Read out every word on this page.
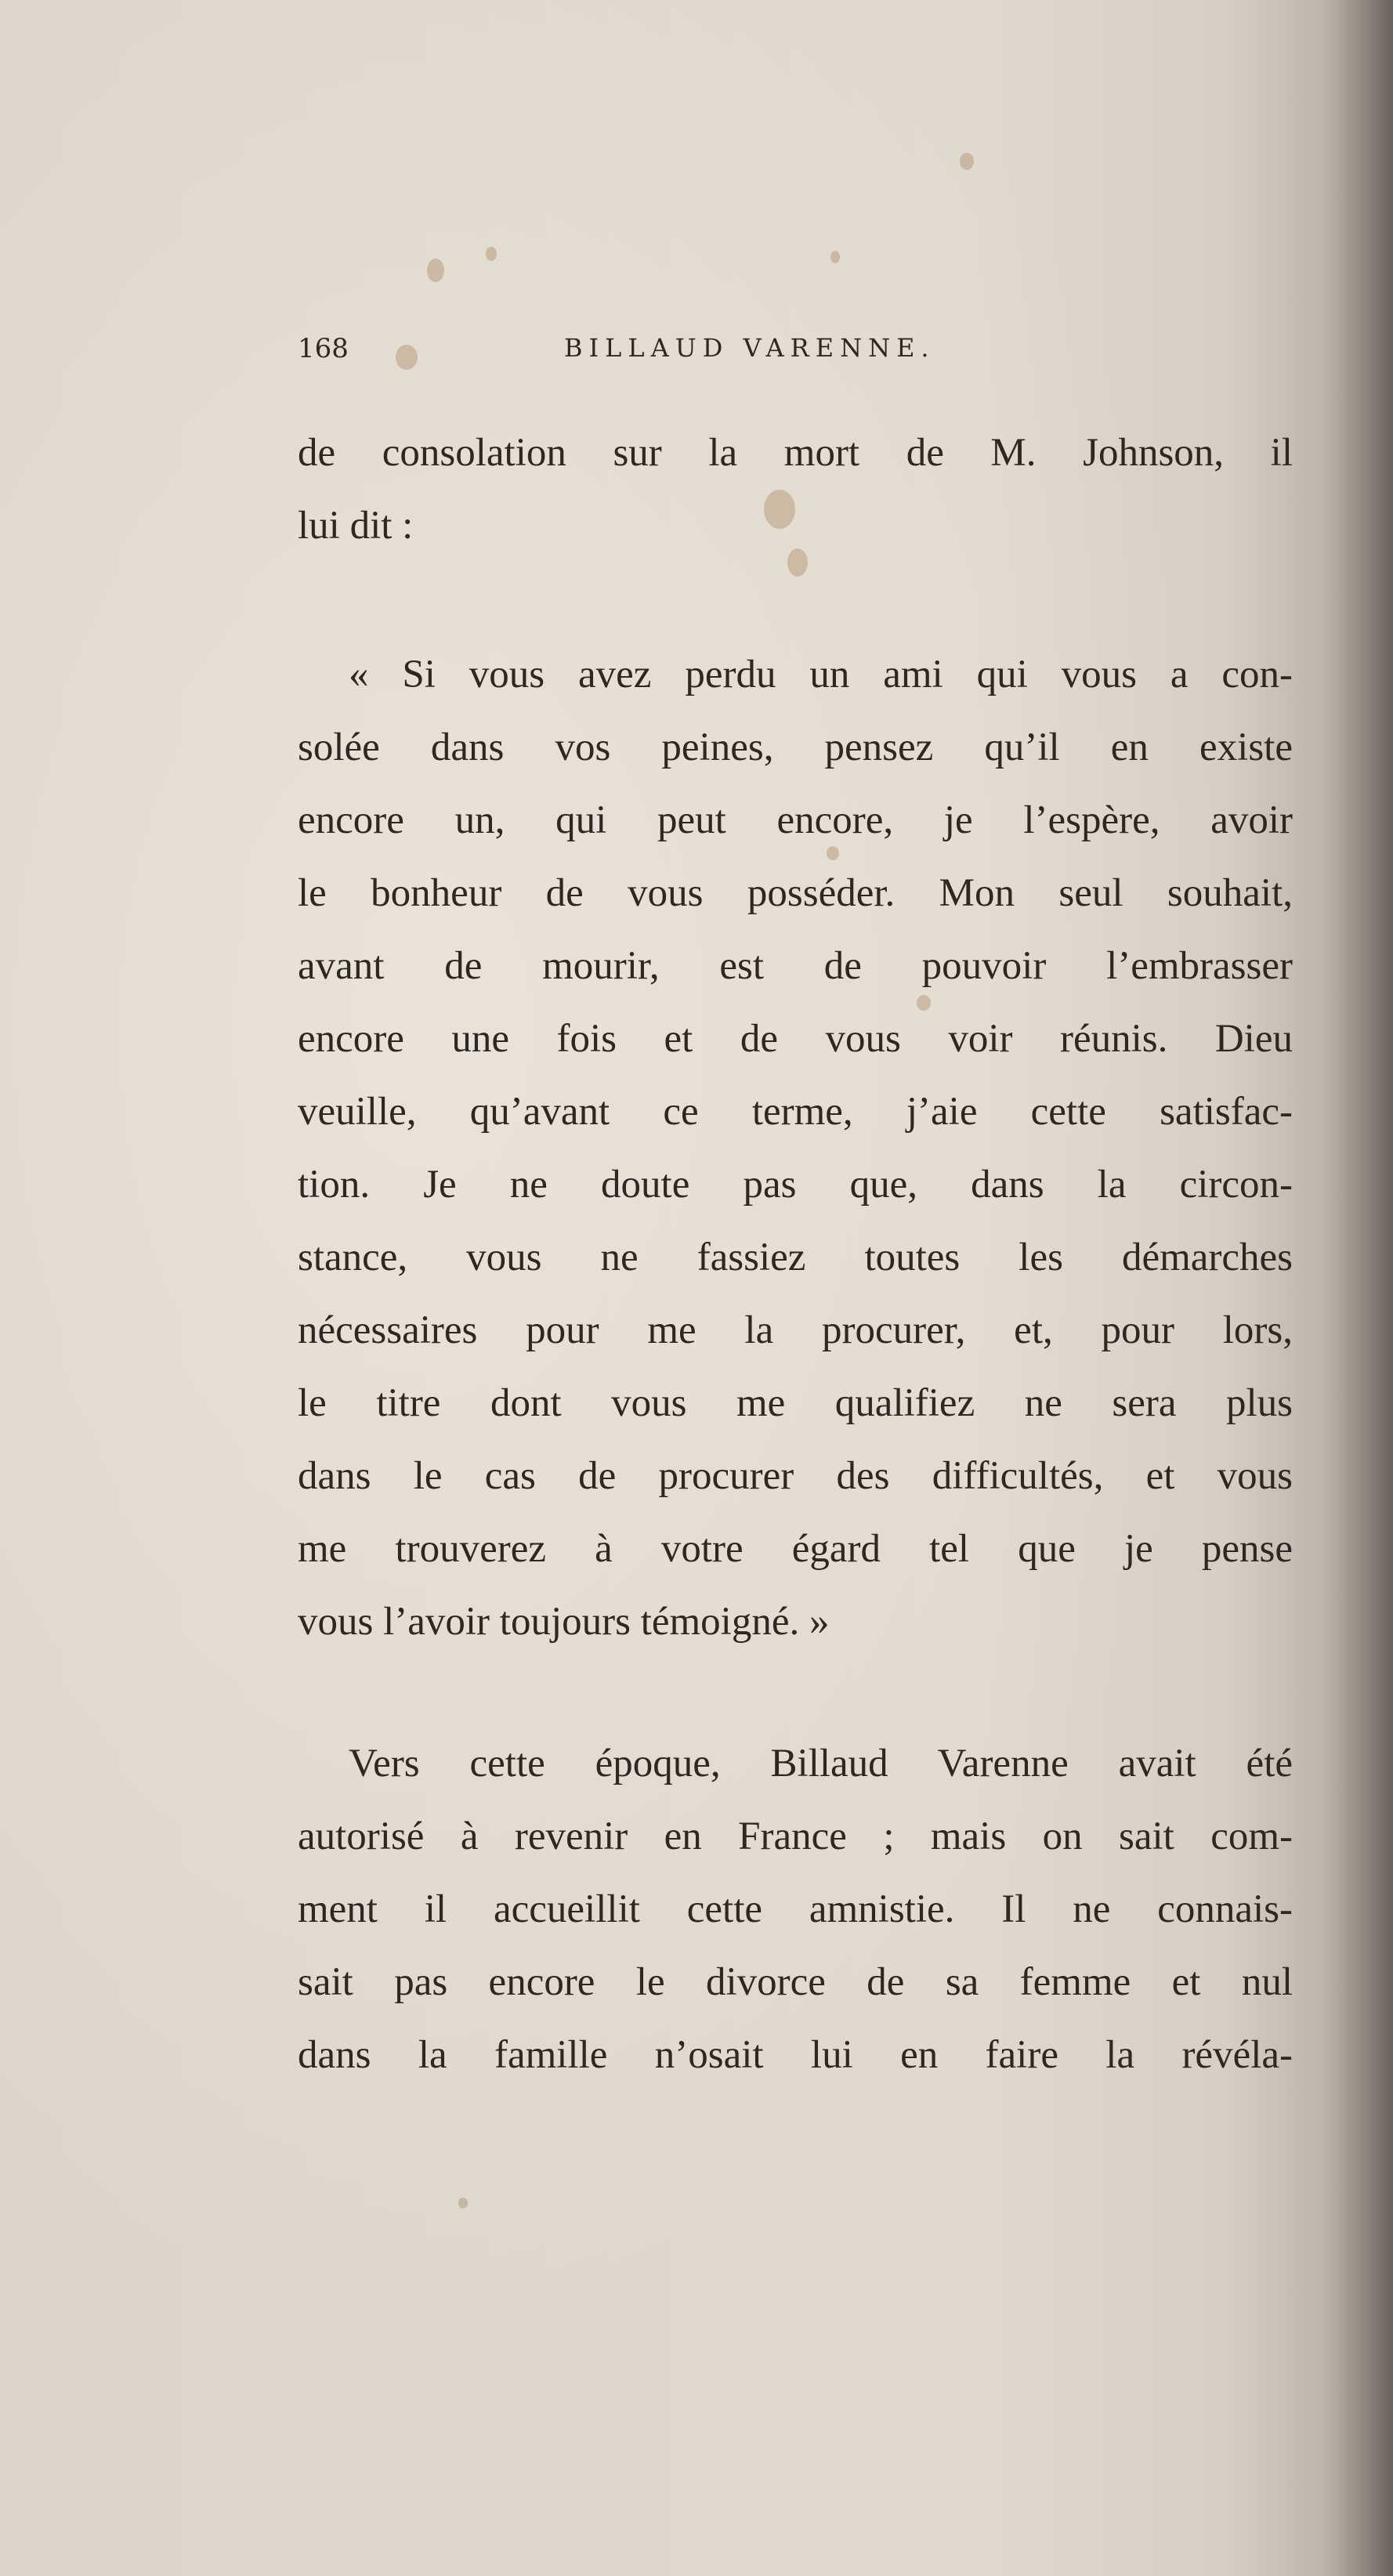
168	BILLAUD VARENNE.
de consolation sur la mort de M. Johnson, il
lui dit :
« Si vous avez perdu un ami qui vous a con-
solée dans vos peines, pensez qu’il en existe
encore un, qui peut encore, je l’espère, avoir
le bonheur de vous posséder. Mon seul souhait,
avant de mourir, est de pouvoir l’embrasser
encore une fois et de vous voir réunis. Dieu
veuille, qu’avant ce terme, j’aie cette satisfac-
tion. Je ne doute pas que, dans la circon-
stance, vous ne fassiez toutes les démarches
nécessaires pour me la procurer, et, pour lors,
le titre dont vous me qualifiez ne sera plus
dans le cas de procurer des difficultés, et vous
me trouverez à votre égard tel que je pense
vous l’avoir toujours témoigné. »
Vers cette époque, Billaud Varenne avait été
autorisé à revenir en France ; mais on sait com-
ment il accueillit cette amnistie. Il ne connais-
sait pas encore le divorce de sa femme et nul
dans la famille n’osait lui en faire la révéla-
